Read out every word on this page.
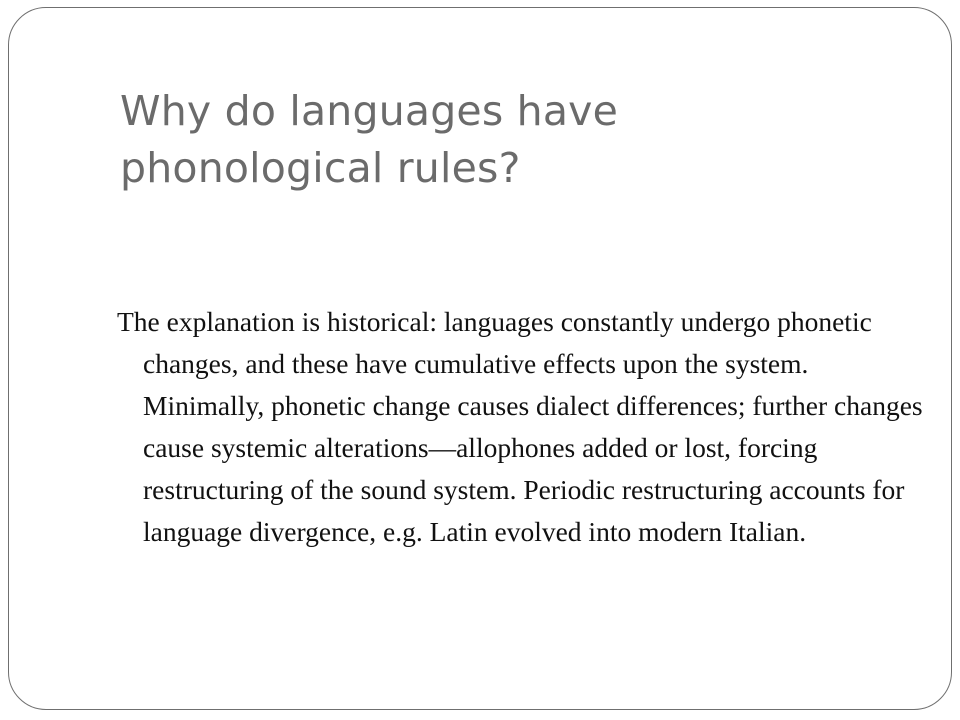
Why do languages have phonological rules?

The explanation is historical: languages constantly undergo phonetic changes, and these have cumulative effects upon the system. Minimally, phonetic change causes dialect differences; further changes cause systemic alterations—allophones added or lost, forcing restructuring of the sound system. Periodic restructuring accounts for language divergence, e.g. Latin evolved into modern Italian.
